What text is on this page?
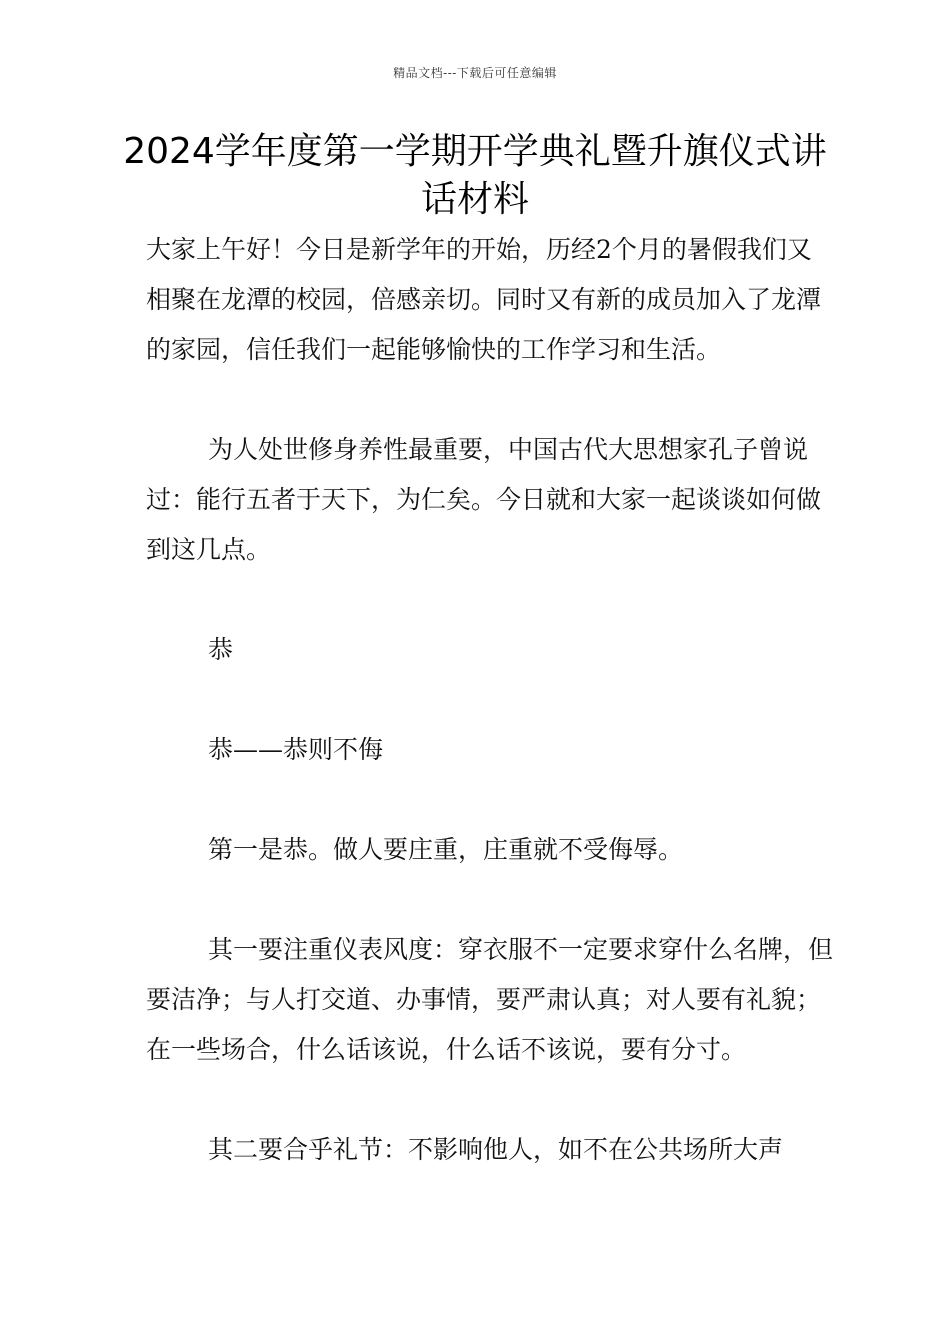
精品文档---下载后可任意编辑
2024学年度第一学期开学典礼暨升旗仪式讲话材料

大家上午好！今日是新学年的开始，历经2个月的暑假我们又相聚在龙潭的校园，倍感亲切。同时又有新的成员加入了龙潭的家园，信任我们一起能够愉快的工作学习和生活。

为人处世修身养性最重要，中国古代大思想家孔子曾说过：能行五者于天下，为仁矣。今日就和大家一起谈谈如何做到这几点。

恭

恭——恭则不侮

第一是恭。做人要庄重，庄重就不受侮辱。

其一要注重仪表风度：穿衣服不一定要求穿什么名牌，但要洁净；与人打交道、办事情，要严肃认真；对人要有礼貌；在一些场合，什么话该说，什么话不该说，要有分寸。

其二要合乎礼节：不影响他人，如不在公共场所大声
